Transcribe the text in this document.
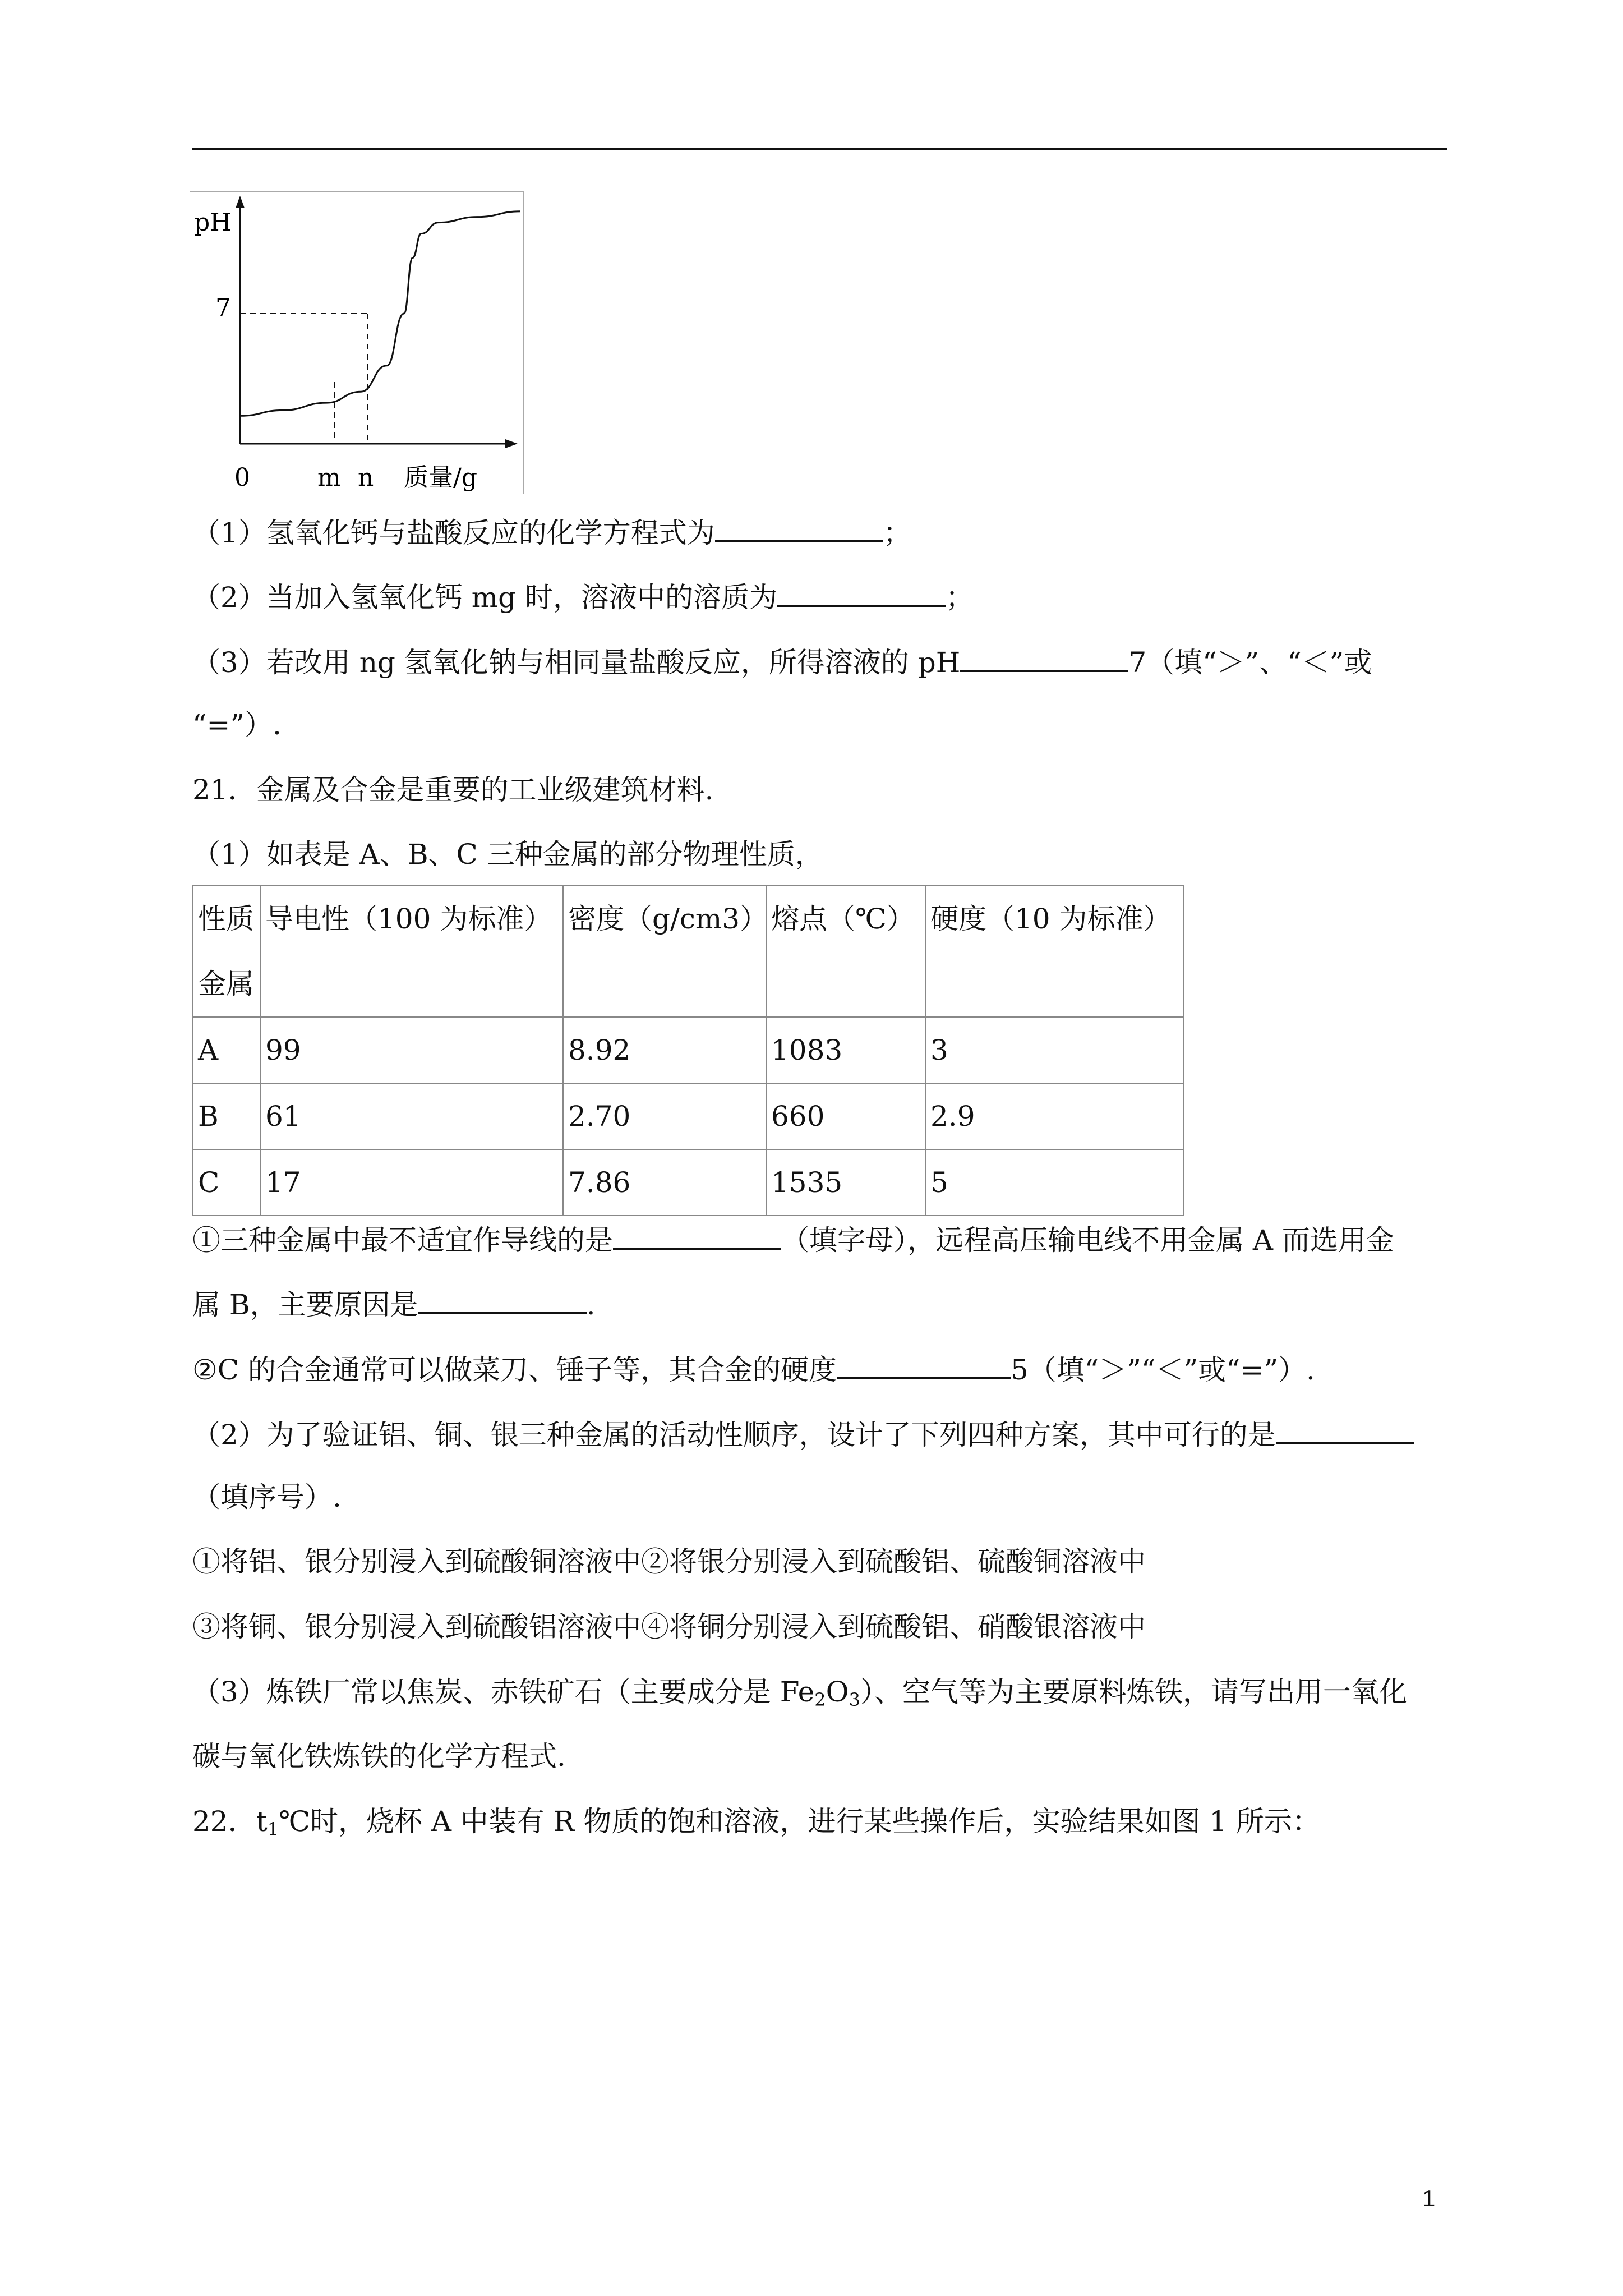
pH
7
0	m n 质量/g
（1）氢氧化钙与盐酸反应的化学方程式为	；
（2）当加入氢氧化钙 mg 时，溶液中的溶质为	；
（3）若改用 ng 氢氧化钠与相同量盐酸反应，所得溶液的 pH	7（填“＞”、“＜”或
“=”）.
21．金属及合金是重要的工业级建筑材料.
（1）如表是 A、B、C 三种金属的部分物理性质，
性质
金属	导电性（100 为标准）	密度（g/cm3）	熔点（℃）	硬度（10 为标准）
A	99	8.92	1083	3
B	61	2.70	660	2.9
C	17	7.86	1535	5
①三种金属中最不适宜作导线的是	（填字母），远程高压输电线不用金属 A 而选用金
属 B，主要原因是	.
②C 的合金通常可以做菜刀、锤子等，其合金的硬度	5（填“＞”“＜”或“=”）.
（2）为了验证铝、铜、银三种金属的活动性顺序，设计了下列四种方案，其中可行的是
（填序号）.
①将铝、银分别浸入到硫酸铜溶液中②将银分别浸入到硫酸铝、硫酸铜溶液中
③将铜、银分别浸入到硫酸铝溶液中④将铜分别浸入到硫酸铝、硝酸银溶液中
（3）炼铁厂常以焦炭、赤铁矿石（主要成分是 $Fe_2O_3$）、空气等为主要原料炼铁，请写出用一氧化
碳与氧化铁炼铁的化学方程式.
22．$t_1℃$时，烧杯 A 中装有 R 物质的饱和溶液，进行某些操作后，实验结果如图 1 所示：
1
